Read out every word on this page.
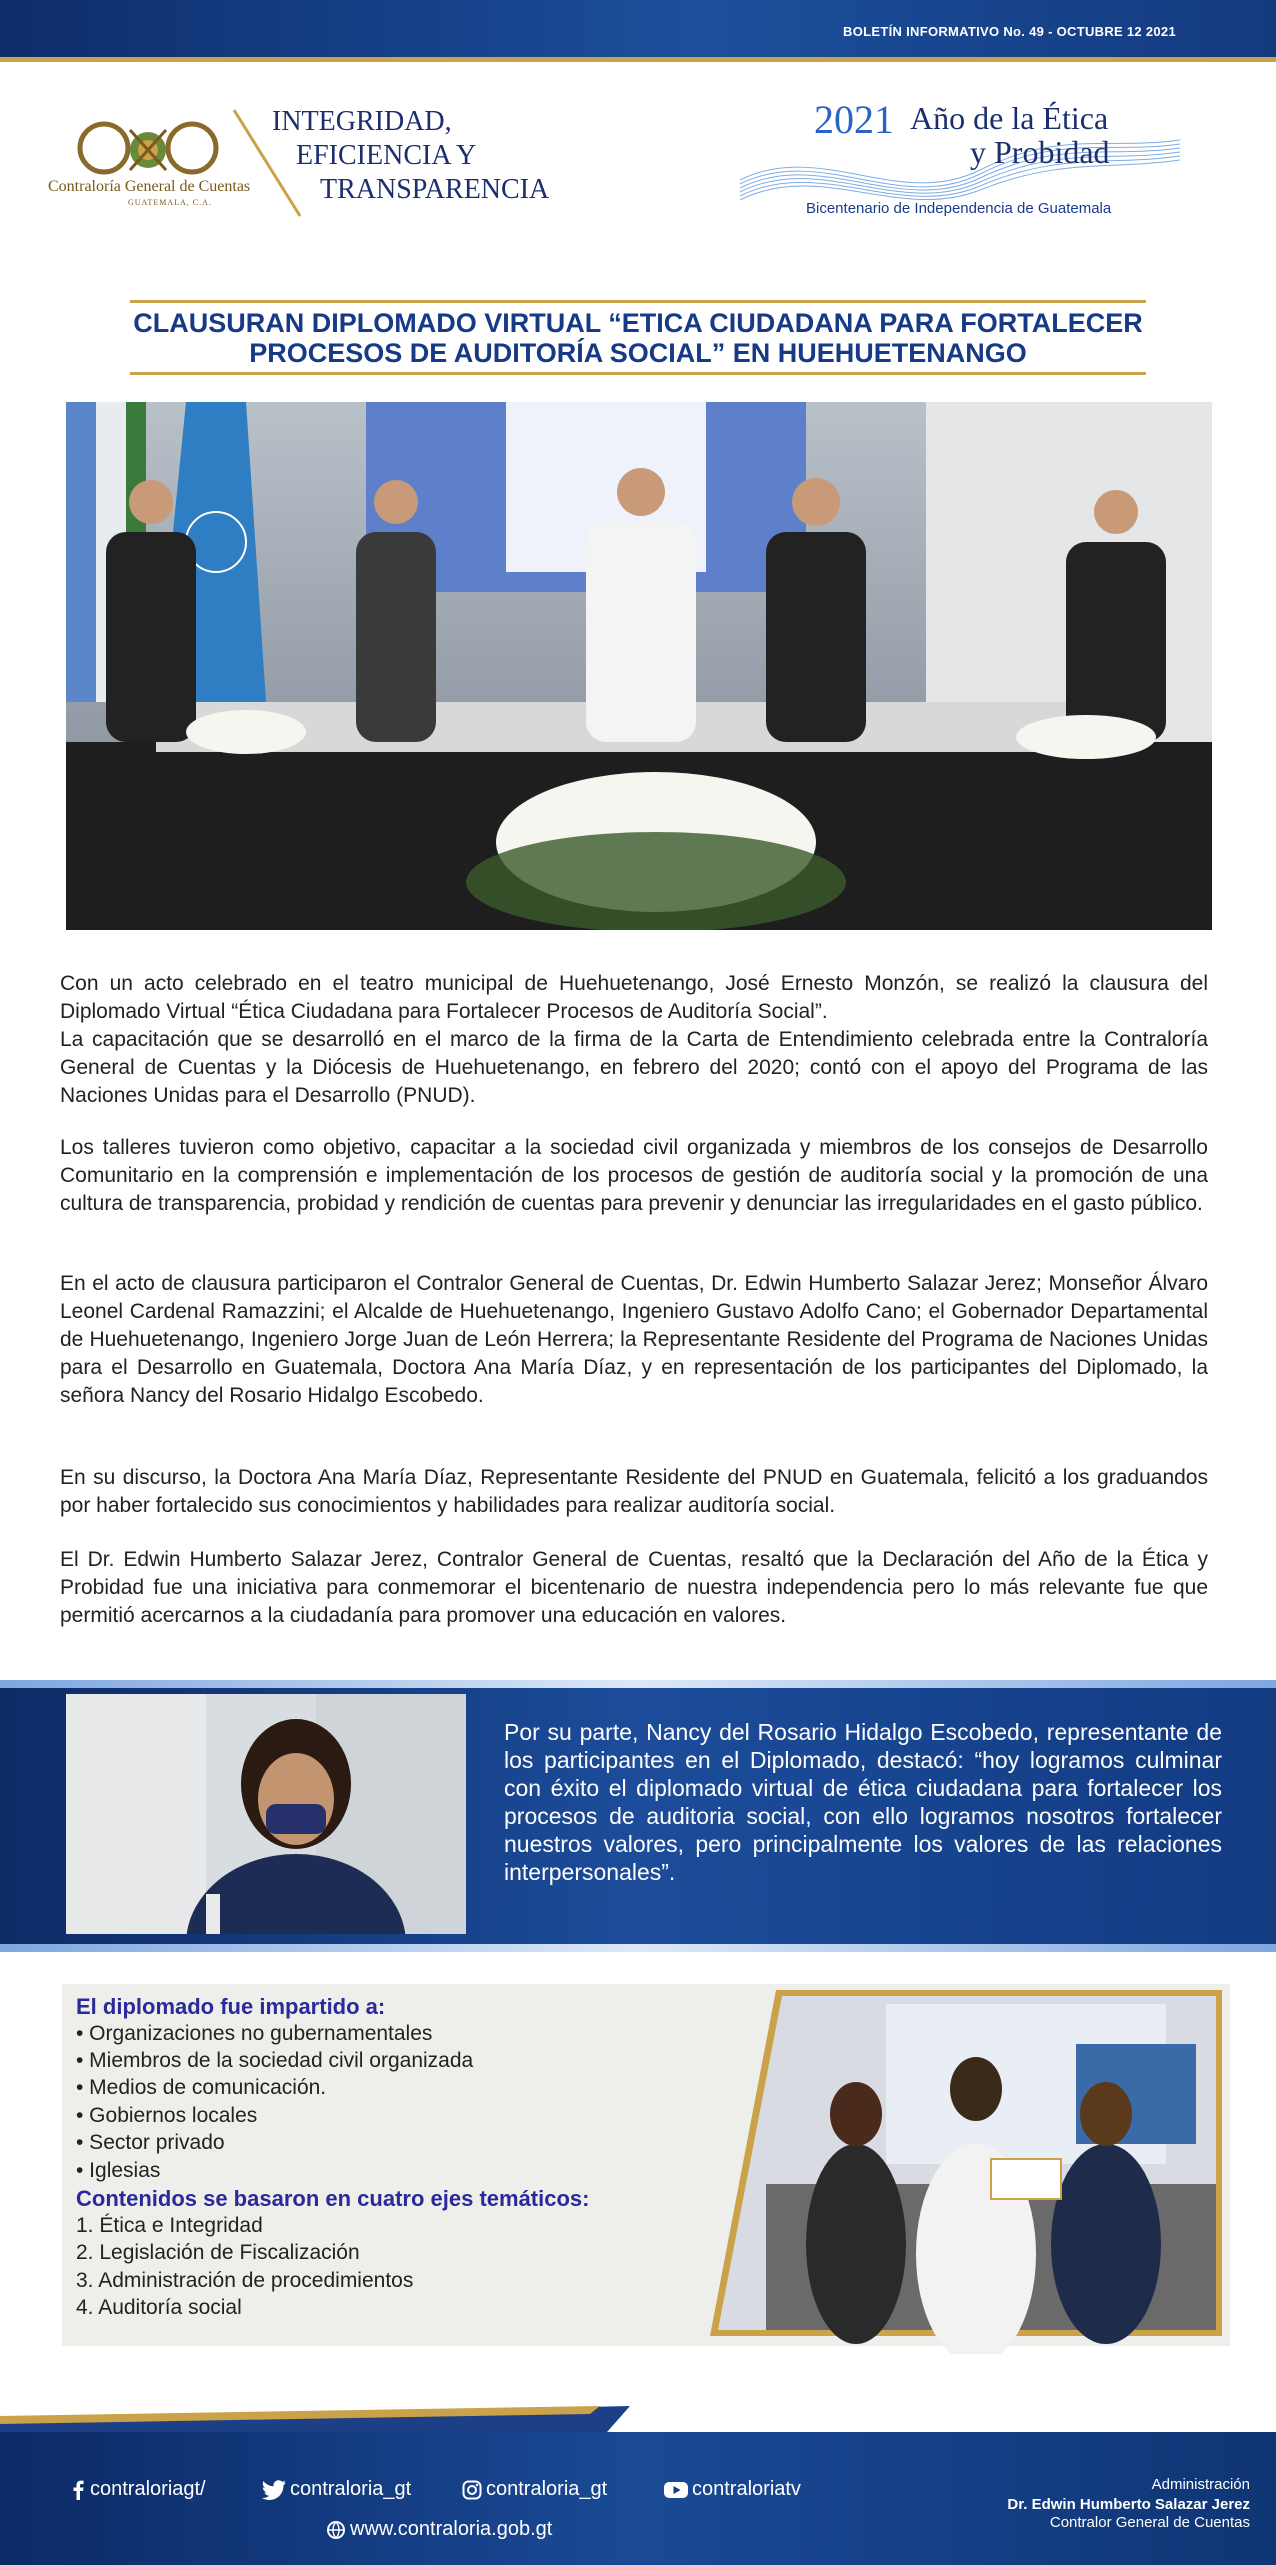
BOLETÍN INFORMATIVO No. 49 - OCTUBRE 12 2021
Contraloría General de Cuentas
GUATEMALA, C.A.
INTEGRIDAD,
EFICIENCIA Y
TRANSPARENCIA
2021 Año de la Ética
y Probidad
Bicentenario de Independencia de Guatemala
CLAUSURAN DIPLOMADO VIRTUAL “ETICA CIUDADANA PARA FORTALECER
PROCESOS DE AUDITORÍA SOCIAL” EN HUEHUETENANGO
Con un acto celebrado en el teatro municipal de Huehuetenango, José Ernesto Monzón, se realizó la clausura del Diplomado Virtual “Ética Ciudadana para Fortalecer Procesos de Auditoría Social”.
La capacitación que se desarrolló en el marco de la firma de la Carta de Entendimiento celebrada entre la Contraloría General de Cuentas y la Diócesis de Huehuetenango, en febrero del 2020; contó con el apoyo del Programa de las Naciones Unidas para el Desarrollo (PNUD).
Los talleres tuvieron como objetivo, capacitar a la sociedad civil organizada y miembros de los consejos de Desarrollo Comunitario en la comprensión e implementación de los procesos de gestión de auditoría social y la promoción de una cultura de transparencia, probidad y rendición de cuentas para prevenir y denunciar las irregularidades en el gasto público.
En el acto de clausura participaron el Contralor General de Cuentas, Dr. Edwin Humberto Salazar Jerez; Monseñor Álvaro Leonel Cardenal Ramazzini; el Alcalde de Huehuetenango, Ingeniero Gustavo Adolfo Cano; el Gobernador Departamental de Huehuetenango, Ingeniero Jorge Juan de León Herrera; la Representante Residente del Programa de Naciones Unidas para el Desarrollo en Guatemala, Doctora Ana María Díaz, y en representación de los participantes del Diplomado, la señora Nancy del Rosario Hidalgo Escobedo.
En su discurso, la Doctora Ana María Díaz, Representante Residente del PNUD en Guatemala, felicitó a los graduandos por haber fortalecido sus conocimientos y habilidades para realizar auditoría social.
El Dr. Edwin Humberto Salazar Jerez, Contralor General de Cuentas, resaltó que la Declaración del Año de la Ética y Probidad fue una iniciativa para conmemorar el bicentenario de nuestra independencia pero lo más relevante fue que permitió acercarnos a la ciudadanía para promover una educación en valores.
Por su parte, Nancy del Rosario Hidalgo Escobedo, representante de los participantes en el Diplomado, destacó: “hoy logramos culminar con éxito el diplomado virtual de ética ciudadana para fortalecer los procesos de auditoria social, con ello logramos nosotros fortalecer nuestros valores, pero principalmente los valores de las relaciones interpersonales”.
El diplomado fue impartido a:
• Organizaciones no gubernamentales
• Miembros de la sociedad civil organizada
• Medios de comunicación.
• Gobiernos locales
• Sector privado
• Iglesias
Contenidos se basaron en cuatro ejes temáticos:
1. Ética e Integridad
2. Legislación de Fiscalización
3. Administración de procedimientos
4. Auditoría social
contraloriagt/	contraloria_gt	contraloria_gt	contraloriatv
www.contraloria.gob.gt
Administración
Dr. Edwin Humberto Salazar Jerez
Contralor General de Cuentas
